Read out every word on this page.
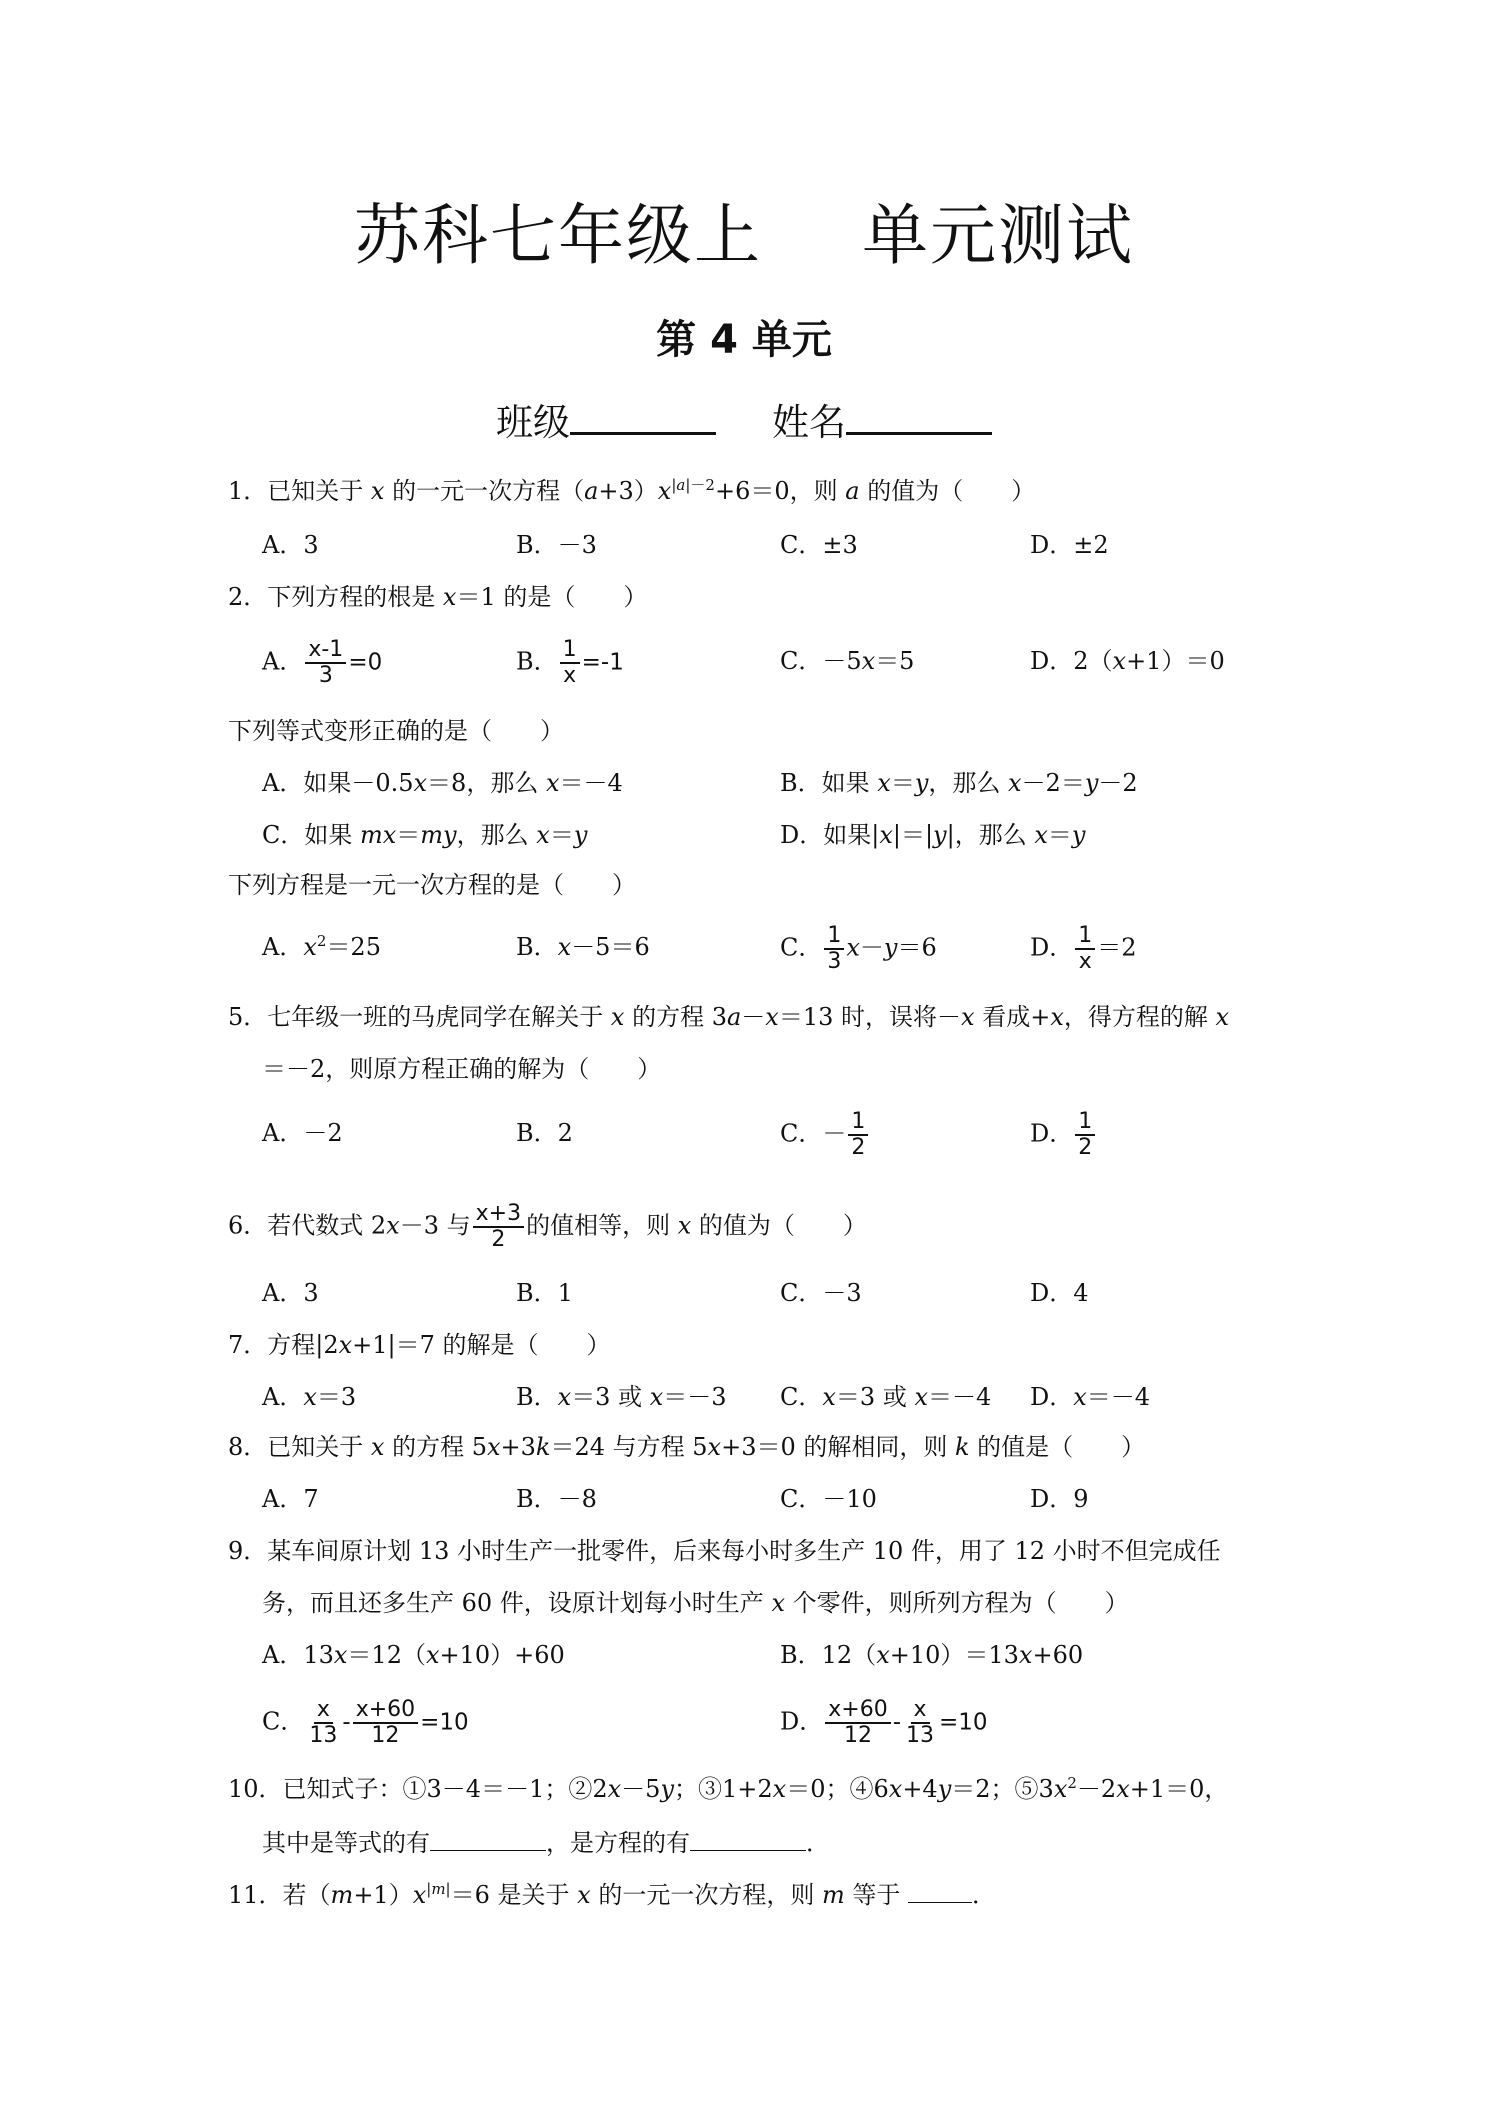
苏科七年级上 单元测试
第 4 单元
班级	姓名
1．已知关于 x 的一元一次方程$(a+3)x^{|a|-2}+6=0$，则 a 的值为（　　）
A．3	B．－3	C．±3	D．±2
2．下列方程的根是 x＝1 的是（　　）
A． $\frac{x-1}{3} =0$	B． $\frac{1}{x} =-1$	C．－5x＝5	D．2（x+1）＝0
下列等式变形正确的是（　　）
A．如果－0.5x＝8，那么 x＝－4	B．如果 x＝y，那么 x－2＝y－2
C．如果 mx＝my，那么 x＝y	D．如果|x|＝|y|，那么 x＝y
下列方程是一元一次方程的是（　　）
A．$x^2=25$	B．x－5＝6	C． $\frac{1}{3} x-y=6$	D． $\frac{1}{x} =2$
5．七年级一班的马虎同学在解关于 x 的方程 3a－x＝13 时，误将－x 看成+x，得方程的解 x
＝－2，则原方程正确的解为（　　）
A．－2	B．2	C．－ $\frac{1}{2}$	D． $\frac{1}{2}$
6．若代数式 2x－3 与 $\frac{x+3}{2}$ 的值相等，则 x 的值为（　　）
A．3	B．1	C．－3	D．4
7．方程|2x+1|＝7 的解是（　　）
A．x＝3	B．x＝3 或 x＝－3 C．x＝3 或 x＝－4 D．x＝－4
8．已知关于 x 的方程 5x+3k＝24 与方程 5x+3＝0 的解相同，则 k 的值是（　　）
A．7	B．－8	C．－10	D．9
9．某车间原计划 13 小时生产一批零件，后来每小时多生产 10 件，用了 12 小时不但完成任
务，而且还多生产 60 件，设原计划每小时生产 x 个零件，则所列方程为（　　）
A．13x＝12（x+10）+60	B．12（x+10）＝13x+60
C． $\frac{x}{13} - \frac{x+60}{12} =10$	D． $\frac{x+60}{12} - \frac{x}{13} =10$
10．已知式子：①3－4＝－1；②2x－5y；③1+2x＝0；④6x+4y＝2；$⑤3x^2-2x+1=0$，
其中是等式的有	，是方程的有	．
11．若$(m+1)x^{|m|}=6$ 是关于 x 的一元一次方程，则 m 等于	．
